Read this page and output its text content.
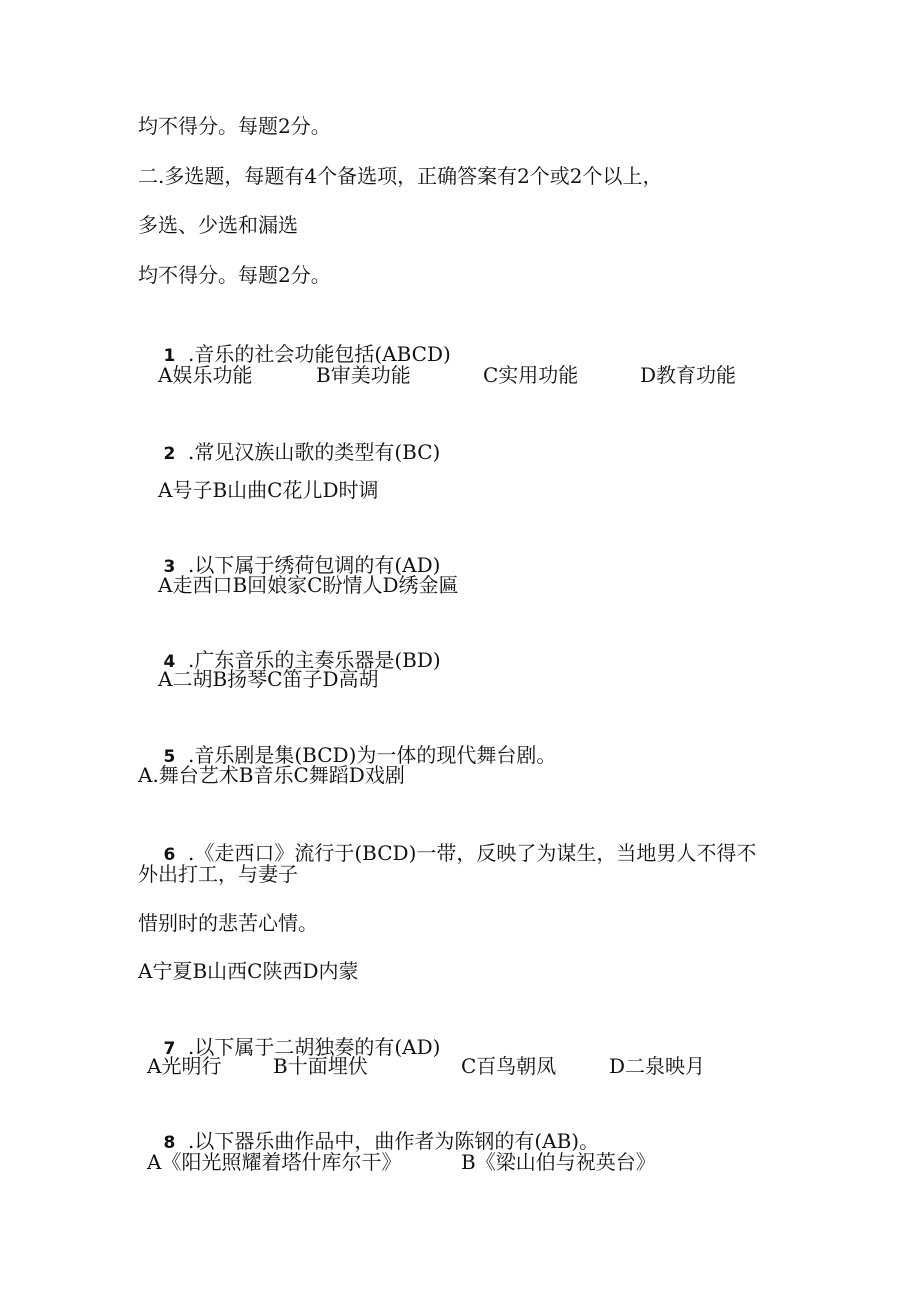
均不得分。每题2分。
二.多选题，每题有4个备选项，正确答案有2个或2个以上，
多选、少选和漏选
均不得分。每题2分。

1 .音乐的社会功能包括(ABCD)

A娱乐功能	B审美功能	C实用功能	D教育功能

2 .常见汉族山歌的类型有(BC)

A号子B山曲C花儿D时调

3 .以下属于绣荷包调的有(AD)

A走西口B回娘家C盼情人D绣金匾

4 .广东音乐的主奏乐器是(BD)

A二胡B扬琴C笛子D高胡

5 .音乐剧是集(BCD)为一体的现代舞台剧。

A.舞台艺术B音乐C舞蹈D戏剧

6 .《走西口》流行于(BCD)一带，反映了为谋生，当地男人不得不

外出打工，与妻子
惜别时的悲苦心情。
A宁夏B山西C陕西D内蒙

7 .以下属于二胡独奏的有(AD)

A光明行	B十面埋伏	C百鸟朝凤	D二泉映月

8 .以下器乐曲作品中，曲作者为陈钢的有(AB)。

A《阳光照耀着塔什库尔干》	B《梁山伯与祝英台》
